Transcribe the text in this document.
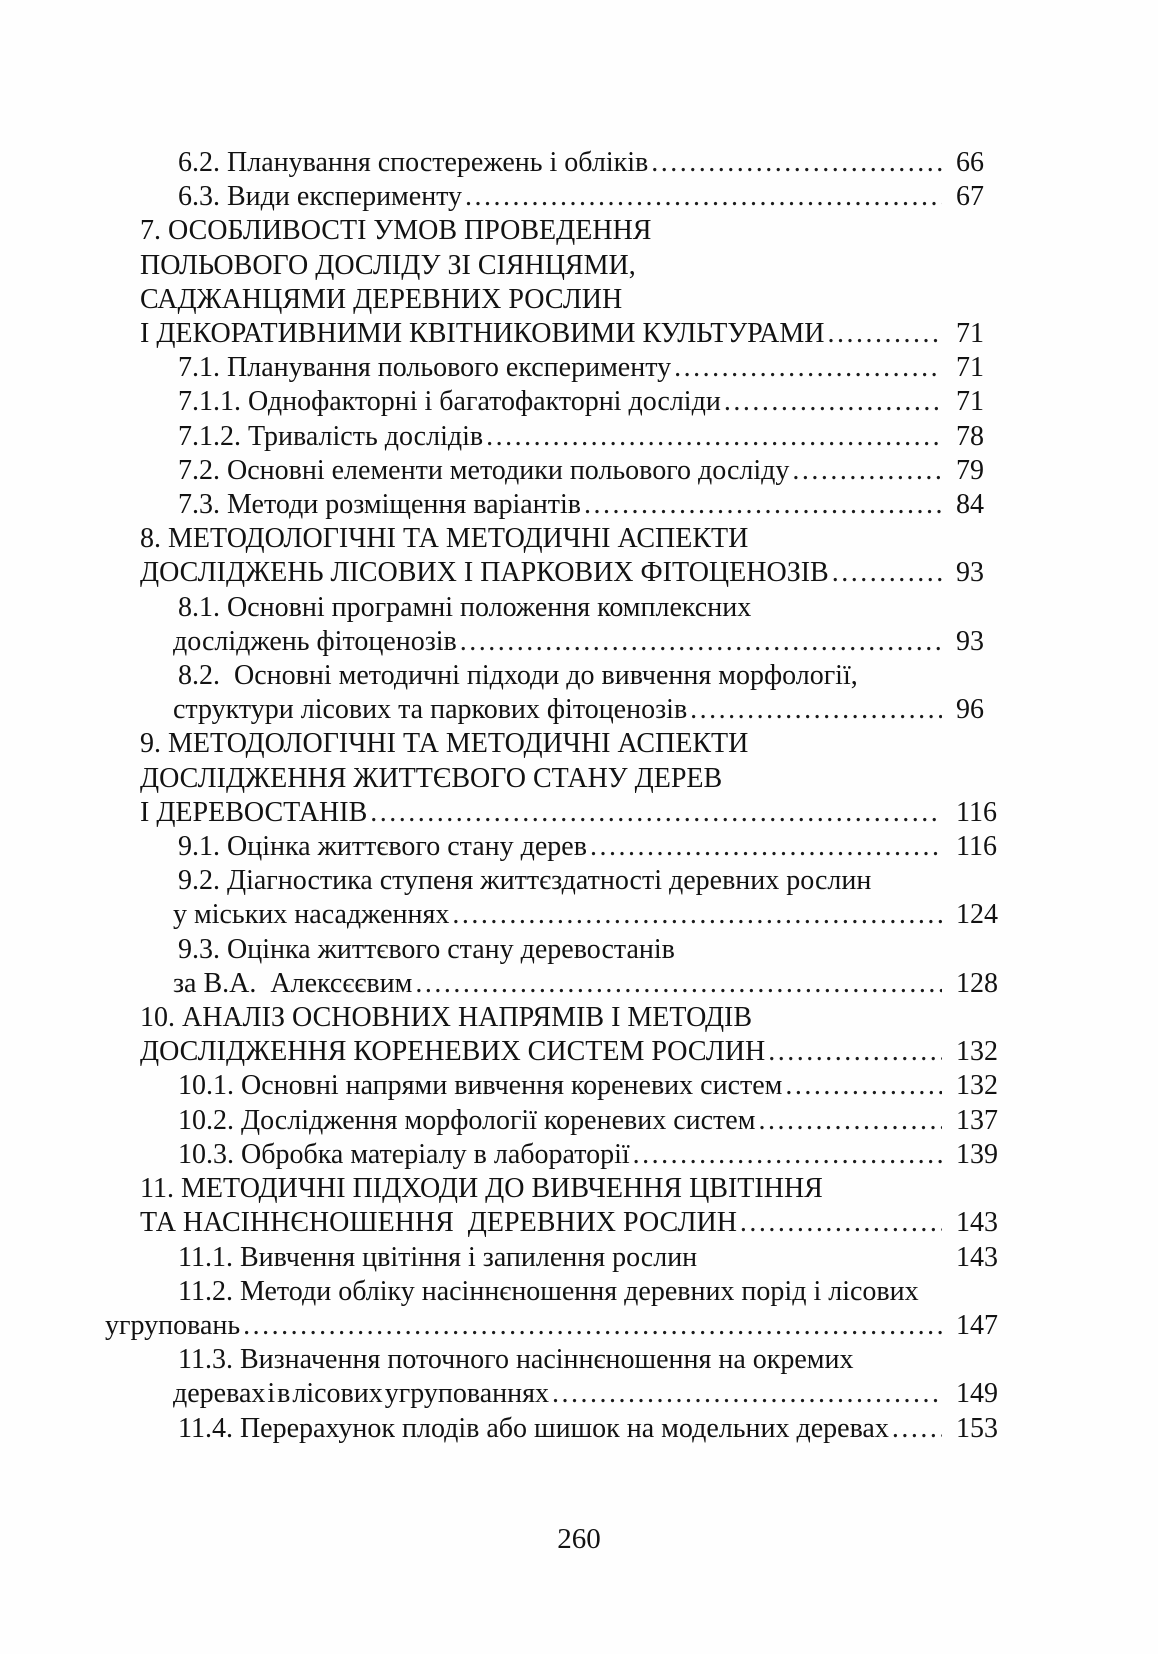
6.2. Планування спостережень і обліків .....	66
6.3. Види експерименту .....	67
7. ОСОБЛИВОСТІ УМОВ ПРОВЕДЕННЯ
ПОЛЬОВОГО ДОСЛІДУ ЗІ СІЯНЦЯМИ,
САДЖАНЦЯМИ ДЕРЕВНИХ РОСЛИН
І ДЕКОРАТИВНИМИ КВІТНИКОВИМИ КУЛЬТУРАМИ .....	71
7.1. Планування польового експерименту .....	71
7.1.1. Однофакторні і багатофакторні досліди .....	71
7.1.2. Тривалість дослідів .....	78
7.2. Основні елементи методики польового досліду .....	79
7.3. Методи розміщення варіантів .....	84
8. МЕТОДОЛОГІЧНІ ТА МЕТОДИЧНІ АСПЕКТИ
ДОСЛІДЖЕНЬ ЛІСОВИХ І ПАРКОВИХ ФІТОЦЕНОЗІВ .....	93
8.1. Основні програмні положення комплексних
досліджень фітоценозів .....	93
8.2.  Основні методичні підходи до вивчення морфології,
структури лісових та паркових фітоценозів .....	96
9. МЕТОДОЛОГІЧНІ ТА МЕТОДИЧНІ АСПЕКТИ
ДОСЛІДЖЕННЯ ЖИТТЄВОГО СТАНУ ДЕРЕВ
І ДЕРЕВОСТАНІВ .....	116
9.1. Оцінка життєвого стану дерев .....	116
9.2. Діагностика ступеня життєздатності деревних рослин
у міських насадженнях .....	124
9.3. Оцінка життєвого стану деревостанів
за В.А.  Алексєєвим .....	128
10. АНАЛІЗ ОСНОВНИХ НАПРЯМІВ І МЕТОДІВ
ДОСЛІДЖЕННЯ КОРЕНЕВИХ СИСТЕМ РОСЛИН .....	132
10.1. Основні напрями вивчення кореневих систем .....	132
10.2. Дослідження морфології кореневих систем .....	137
10.3. Обробка матеріалу в лабораторії .....	139
11. МЕТОДИЧНІ ПІДХОДИ ДО ВИВЧЕННЯ ЦВІТІННЯ
ТА НАСІННЄНОШЕННЯ  ДЕРЕВНИХ РОСЛИН .....	143
11.1. Вивчення цвітіння і запилення рослин	143
11.2. Методи обліку насіннєношення деревних порід і лісових
угруповань .....	147
11.3. Визначення поточного насіннєношення на окремих
деревах і в лісових угрупованнях .....	149
11.4. Перерахунок плодів або шишок на модельних деревах .....	153
260
